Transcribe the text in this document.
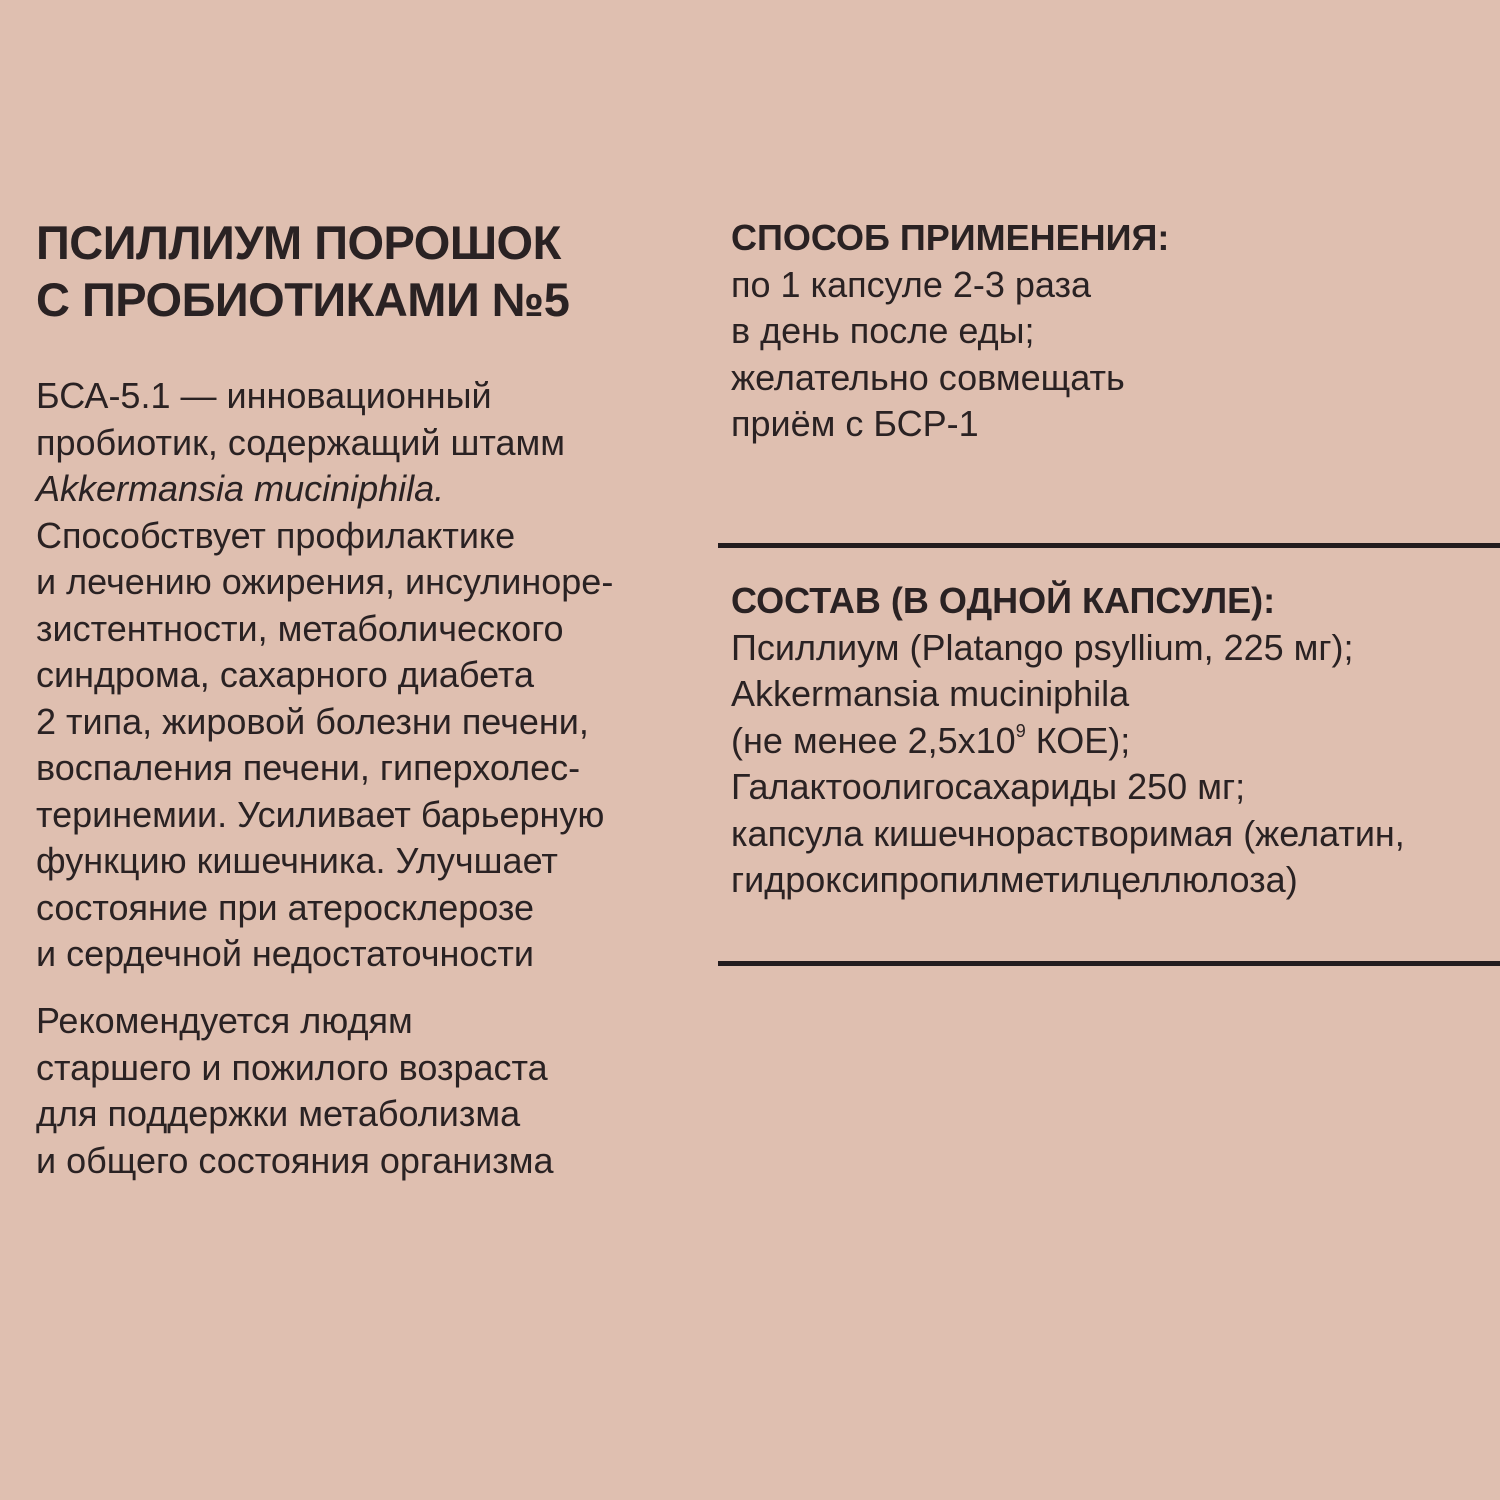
ПСИЛЛИУМ ПОРОШОК
С ПРОБИОТИКАМИ №5
БСА-5.1 — инновационный
пробиотик, содержащий штамм
Akkermansia muciniphila.
Способствует профилактике
и лечению ожирения, инсулиноре-
зистентности, метаболического
синдрома, сахарного диабета
2 типа, жировой болезни печени,
воспаления печени, гиперхолес-
теринемии. Усиливает барьерную
функцию кишечника. Улучшает
состояние при атеросклерозе
и сердечной недостаточности
Рекомендуется людям
старшего и пожилого возраста
для поддержки метаболизма
и общего состояния организма
СПОСОБ ПРИМЕНЕНИЯ:
по 1 капсуле 2-3 раза
в день после еды;
желательно совмещать
приём с БСР-1
СОСТАВ (В ОДНОЙ КАПСУЛЕ):
Псиллиум (Platango psyllium, 225 мг);
Akkermansia muciniphila
(не менее $2,5х10^9$ КОЕ);
Галактоолигосахариды 250 мг;
капсула кишечнорастворимая (желатин,
гидроксипропилметилцеллюлоза)
